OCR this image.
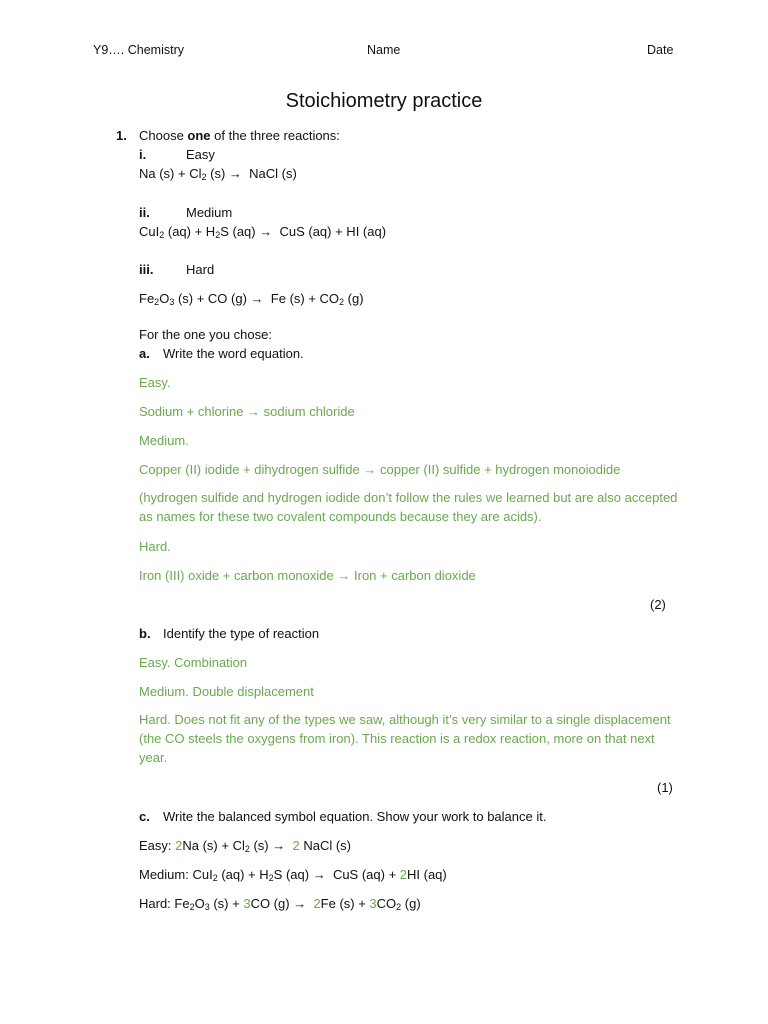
Y9…. Chemistry	Name	Date
Stoichiometry practice
1. Choose one of the three reactions:
i.	Easy
Na $(s) + Cl_2$ (s) → NaCl (s)
ii.	Medium
CuI$_2$ $(aq) + H_2S$ (aq) → CuS (aq) + HI (aq)
iii.	Hard
$Fe_2O_3$ (s) + CO (g) → Fe $(s) + CO_2$ (g)
For the one you chose:
a. Write the word equation.
Easy.
Sodium + chlorine → sodium chloride
Medium.
Copper (II) iodide + dihydrogen sulfide → copper (II) sulfide + hydrogen monoiodide
(hydrogen sulfide and hydrogen iodide don’t follow the rules we learned but are also accepted as names for these two covalent compounds because they are acids).
Hard.
Iron (III) oxide + carbon monoxide → Iron + carbon dioxide
(2)
b. Identify the type of reaction
Easy. Combination
Medium. Double displacement
Hard. Does not fit any of the types we saw, although it’s very similar to a single displacement (the CO steels the oxygens from iron). This reaction is a redox reaction, more on that next year.
(1)
c. Write the balanced symbol equation. Show your work to balance it.
Easy: 2Na $(s) + Cl_2$ (s) → 2 NaCl (s)
Medium: CuI$_2$ $(aq) + H_2S$ (aq) → CuS (aq) + 2HI (aq)
Hard: $Fe_2O_3$ (s) + 3CO (g) → 2Fe $(s) + 3CO_2$ (g)
